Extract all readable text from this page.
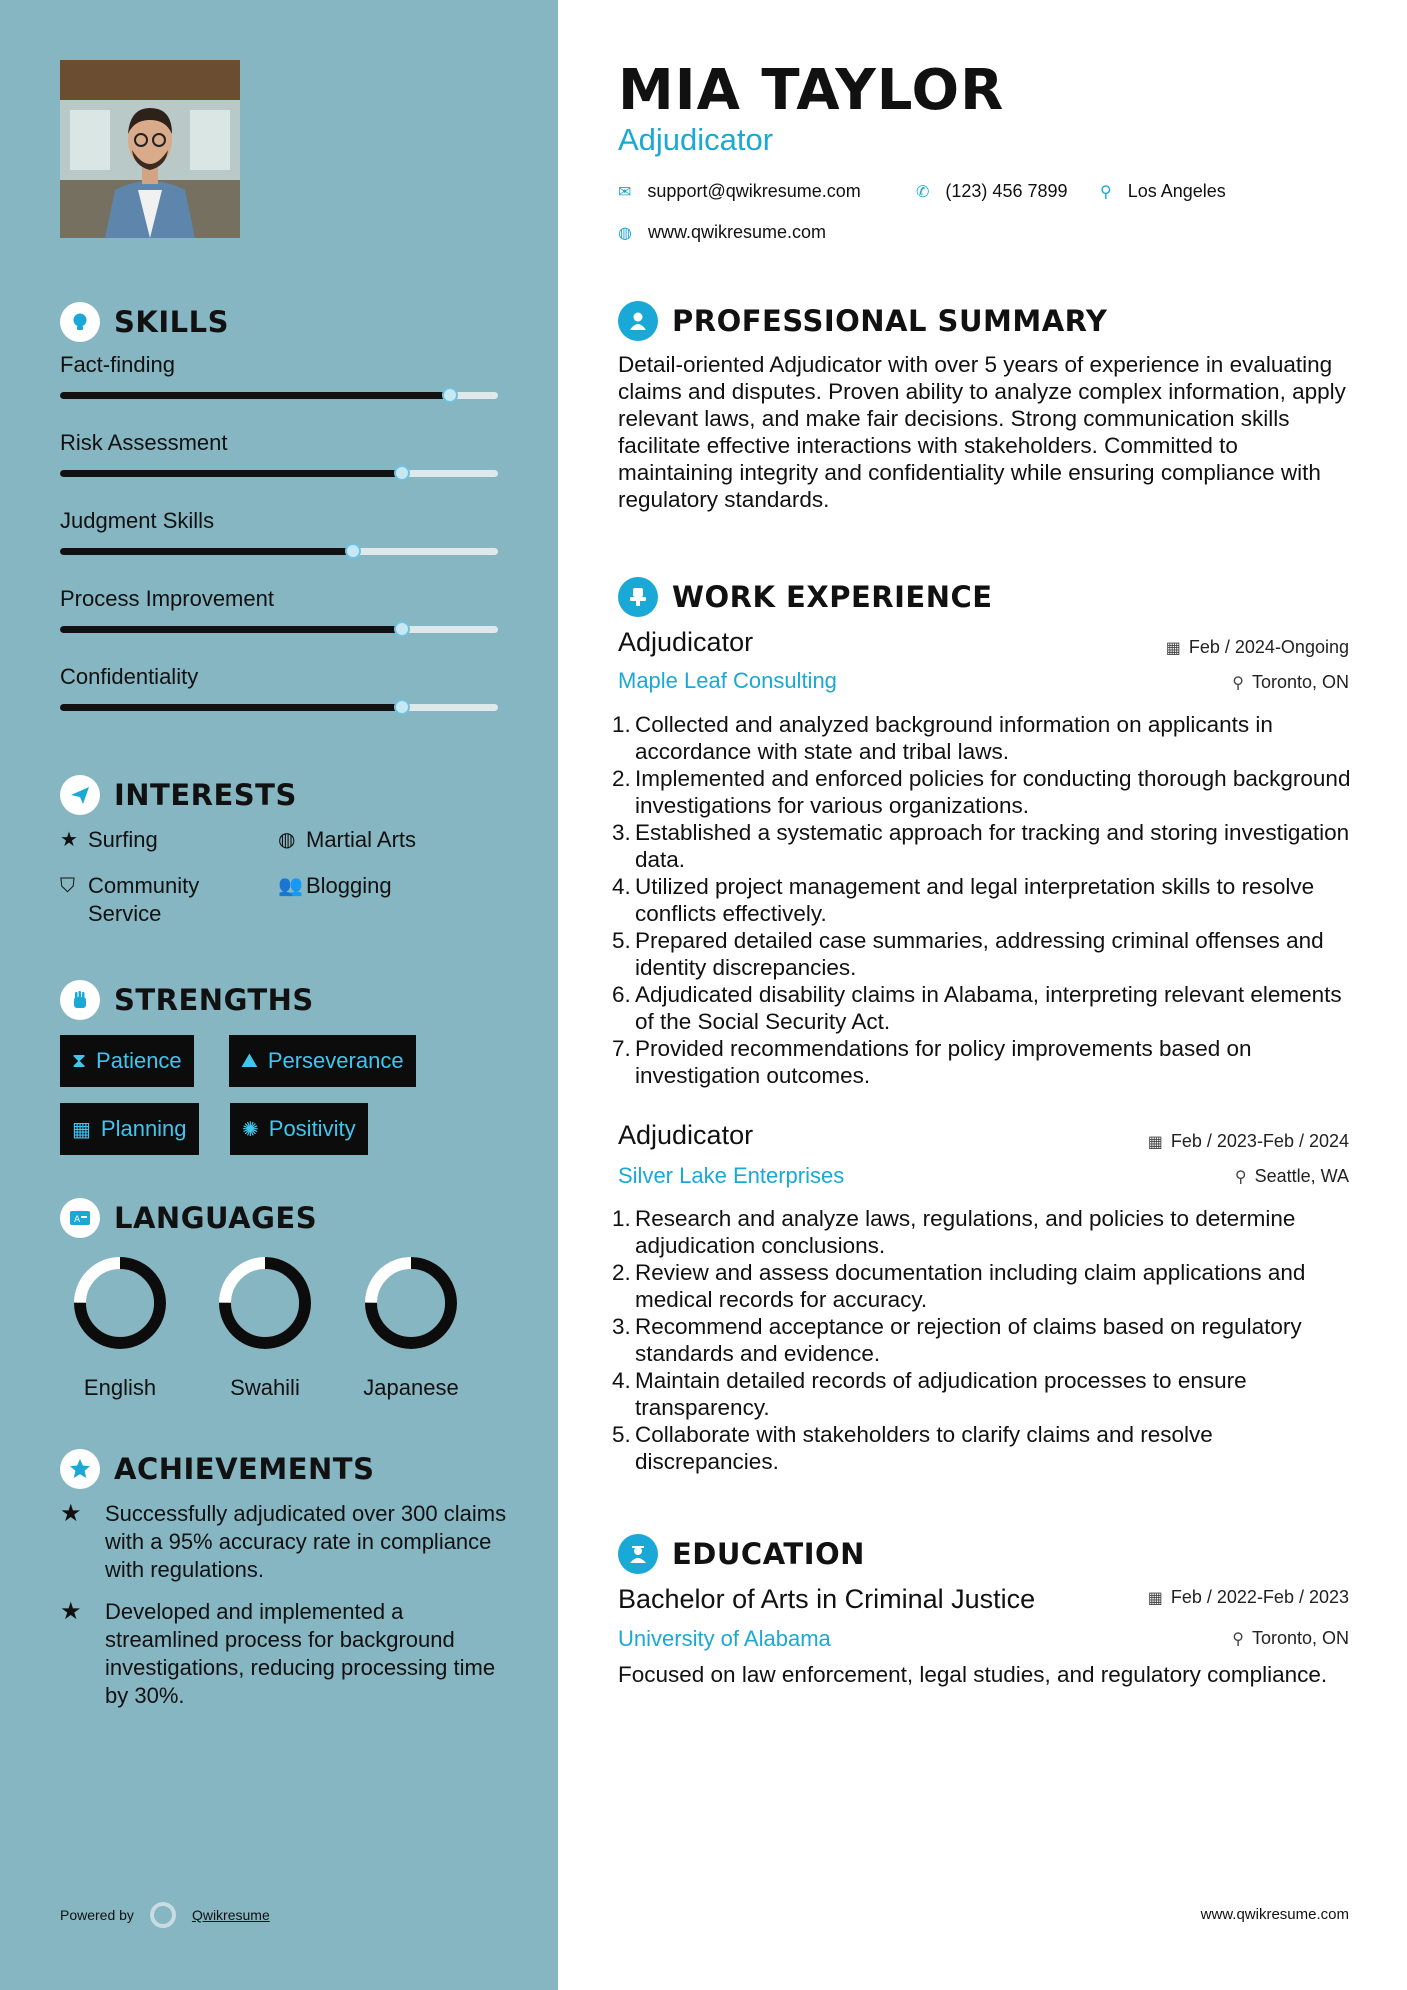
SKILLS
Fact-finding
Risk Assessment
Judgment Skills
Process Improvement
Confidentiality
INTERESTS
★ Surfing	◍ Martial Arts
⛉ Community Service
👥 Blogging
STRENGTHS
⧗ Patience	⛰ Perseverance
▦ Planning	✺ Positivity
A LANGUAGES
English	Swahili	Japanese
ACHIEVEMENTS
★	Successfully adjudicated over 300 claims with a 95% accuracy rate in compliance with regulations.
★	Developed and implemented a streamlined process for background investigations, reducing processing time by 30%.
Powered by	Qwikresume
MIA TAYLOR
Adjudicator
✉ support@qwikresume.com	✆ (123) 456 7899 ⚲ Los Angeles
◍ www.qwikresume.com
PROFESSIONAL SUMMARY
Detail-oriented Adjudicator with over 5 years of experience in evaluating claims and disputes. Proven ability to analyze complex information, apply relevant laws, and make fair decisions. Strong communication skills facilitate effective interactions with stakeholders. Committed to maintaining integrity and confidentiality while ensuring compliance with regulatory standards.
WORK EXPERIENCE
Adjudicator	▦ Feb / 2024-Ongoing
Maple Leaf Consulting	⚲ Toronto, ON
1. Collected and analyzed background information on applicants in accordance with state and tribal laws.
2. Implemented and enforced policies for conducting thorough background investigations for various organizations.
3. Established a systematic approach for tracking and storing investigation data.
4. Utilized project management and legal interpretation skills to resolve conflicts effectively.
5. Prepared detailed case summaries, addressing criminal offenses and identity discrepancies.
6. Adjudicated disability claims in Alabama, interpreting relevant elements of the Social Security Act.
7. Provided recommendations for policy improvements based on investigation outcomes.
Adjudicator	▦ Feb / 2023-Feb / 2024
Silver Lake Enterprises	⚲ Seattle, WA
1. Research and analyze laws, regulations, and policies to determine adjudication conclusions.
2. Review and assess documentation including claim applications and medical records for accuracy.
3. Recommend acceptance or rejection of claims based on regulatory standards and evidence.
4. Maintain detailed records of adjudication processes to ensure transparency.
5. Collaborate with stakeholders to clarify claims and resolve discrepancies.
EDUCATION
Bachelor of Arts in Criminal Justice	▦ Feb / 2022-Feb / 2023
University of Alabama	⚲ Toronto, ON
Focused on law enforcement, legal studies, and regulatory compliance.
www.qwikresume.com
